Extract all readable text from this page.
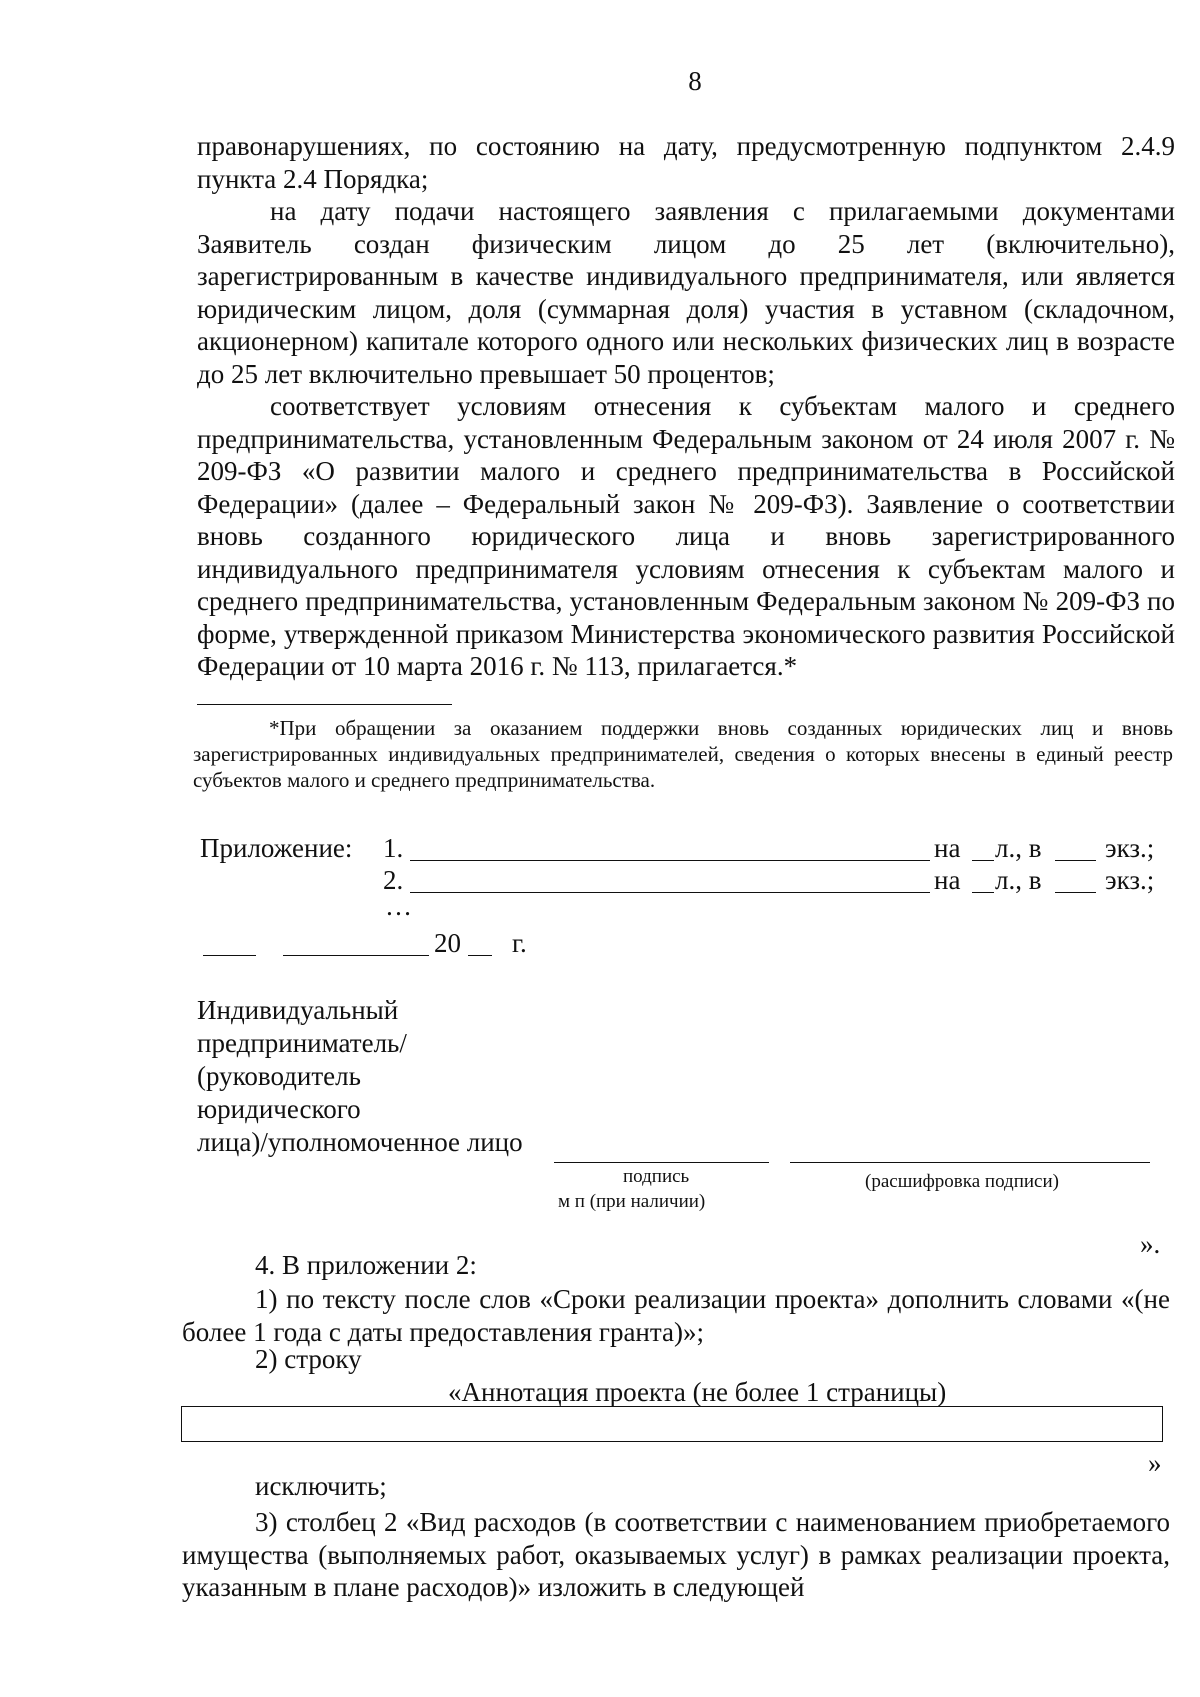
8

правонарушениях, по состоянию на дату, предусмотренную подпунктом 2.4.9 пункта 2.4 Порядка;

на дату подачи настоящего заявления с прилагаемыми документами Заявитель создан физическим лицом до 25 лет (включительно), зарегистрированным в качестве индивидуального предпринимателя, или является юридическим лицом, доля (суммарная доля) участия в уставном (складочном, акционерном) капитале которого одного или нескольких физических лиц в возрасте до 25 лет включительно превышает 50 процентов;

соответствует условиям отнесения к субъектам малого и среднего предпринимательства, установленным Федеральным законом от 24 июля 2007 г. № 209-ФЗ «О развитии малого и среднего предпринимательства в Российской Федерации» (далее – Федеральный закон № 209-ФЗ). Заявление о соответствии вновь созданного юридического лица и вновь зарегистрированного индивидуального предпринимателя условиям отнесения к субъектам малого и среднего предпринимательства, установленным Федеральным законом № 209-ФЗ по форме, утвержденной приказом Министерства экономического развития Российской Федерации от 10 марта 2016 г. № 113, прилагается.*

*При обращении за оказанием поддержки вновь созданных юридических лиц и вновь зарегистрированных индивидуальных предпринимателей, сведения о которых внесены в единый реестр субъектов малого и среднего предпринимательства.

Приложение: 1.	на л., в экз.;
2.	на л., в экз.;
…
20 г.
Индивидуальный
предприниматель/
(руководитель
юридического
лица)/уполномоченное лицо
подпись	(расшифровка подписи)
м п (при наличии)
».
4. В приложении 2:

1) по тексту после слов «Сроки реализации проекта» дополнить словами «(не более 1 года с даты предоставления гранта)»;

2) строку
«Аннотация проекта (не более 1 страницы)
»
исключить;

3) столбец 2 «Вид расходов (в соответствии с наименованием приобретаемого имущества (выполняемых работ, оказываемых услуг) в рамках реализации проекта, указанным в плане расходов)» изложить в следующей
